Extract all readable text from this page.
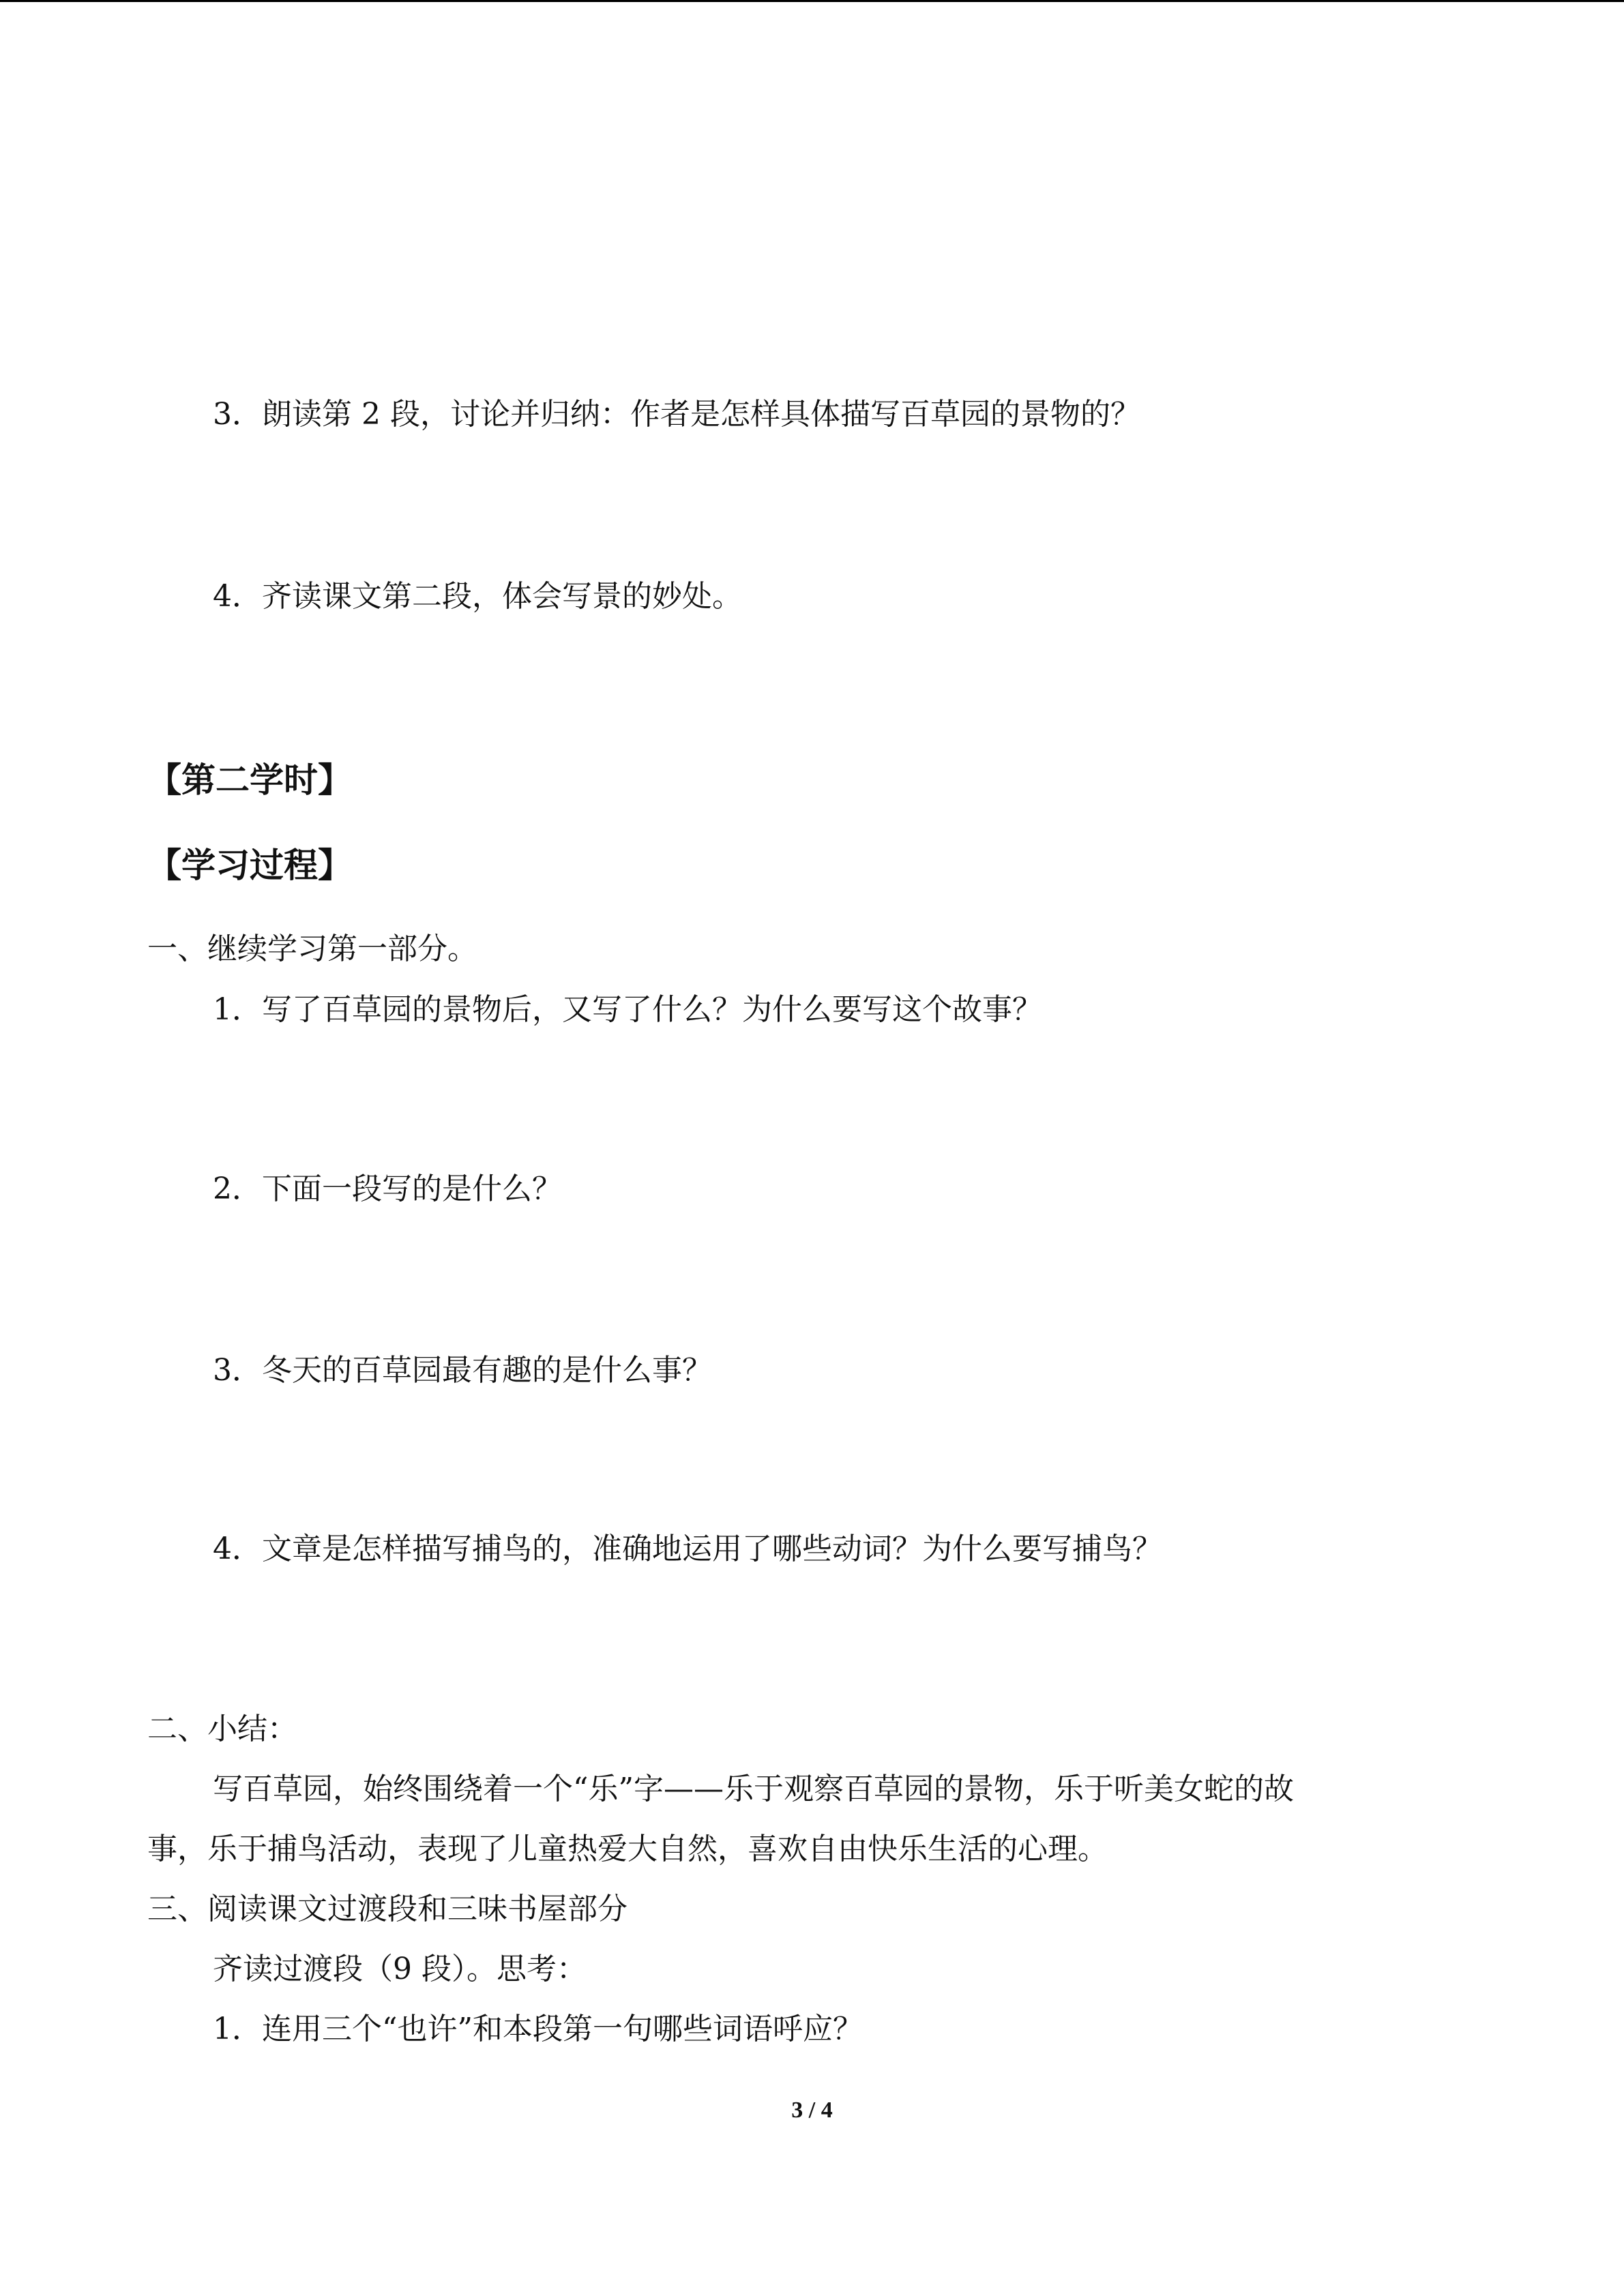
3．朗读第 2 段，讨论并归纳：作者是怎样具体描写百草园的景物的？
4．齐读课文第二段，体会写景的妙处。
【第二学时】
【学习过程】
一、继续学习第一部分。
1．写了百草园的景物后，又写了什么？为什么要写这个故事？
2．下面一段写的是什么？
3．冬天的百草园最有趣的是什么事？
4．文章是怎样描写捕鸟的，准确地运用了哪些动词？为什么要写捕鸟？
二、小结：
写百草园，始终围绕着一个“乐”字——乐于观察百草园的景物，乐于听美女蛇的故
事，乐于捕鸟活动，表现了儿童热爱大自然，喜欢自由快乐生活的心理。
三、阅读课文过渡段和三味书屋部分
齐读过渡段（9 段）。思考：
1．连用三个“也许”和本段第一句哪些词语呼应？
3 / 4
